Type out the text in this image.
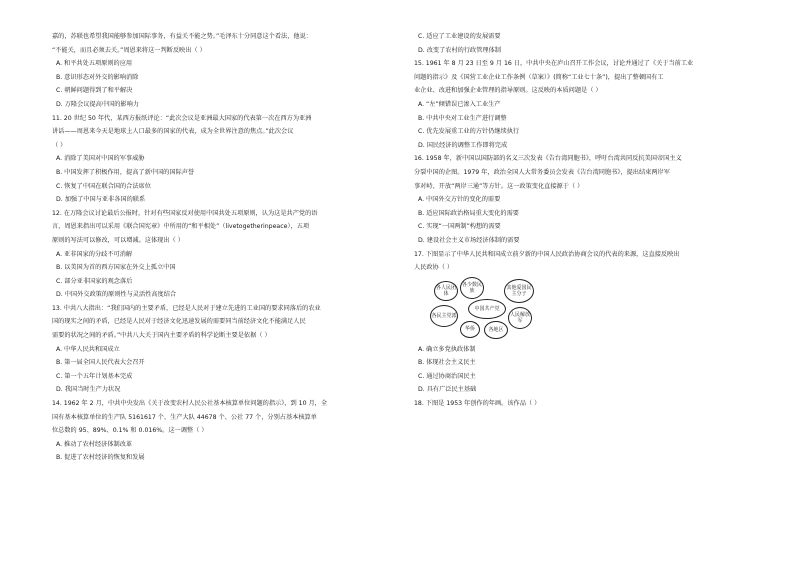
嘉的，苏联也希望我国能够参加国际事务，有益关不能之势。”毛泽东十分同意这个看法，他说：
“不能关，而且必须去关。”周恩来将这一判断反映出（ ）
A. 和平共处五项原则的应用
B. 意识形态对外交的影响消除
C. 朝鲜问题得到了和平解决
D. 万隆会议提高中国的影响力
11. 20 世纪 50 年代，某西方报纸评论：“此次会议是亚洲最大国家的代表第一次在西方为亚洲
讲话——周恩来今天是地球上人口最多的国家的代表，成为全世界注意的焦点。”此次会议
（ ）
A. 消除了美国对中国的军事威胁
B. 中国发挥了积极作用，提高了新中国的国际声誉
C. 恢复了中国在联合国的合法席位
D. 加强了中国与亚非各国的联系
12. 在万隆会议讨论最后公报时，针对有些国家反对使用中国共处五项原则，认为这是共产党的语
言，周恩来指出可以采用《联合国宪章》中所用的“和平相处”（livetogetherinpeace），五项
原则的写法可以修改，可以增减。这体现出（ ）
A. 亚非国家的分歧不可消解
B. 以美国为首的西方国家在外交上孤立中国
C. 部分亚非国家的观念落后
D. 中国外交政策的原则性与灵活性高度结合
13. 中共八大指出：“我们国内的主要矛盾，已经是人民对于建立先进的工业国的要求同落后的农业
国的现实之间的矛盾，已经是人民对于经济文化迅速发展的需要同当前经济文化不能满足人民
需要的状况之间的矛盾。”中共八大关于国内主要矛盾的科学论断主要是依据（ ）
A. 中华人民共和国成立
B. 第一届全国人民代表大会召开
C. 第一个五年计划基本完成
D. 我国当时生产力状况
14. 1962 年 2 月，中共中央发出《关于改变农村人民公社基本核算单位问题的指示》，到 10 月，全
国有基本核算单位的生产队 5161617 个、生产大队 44678 个、公社 77 个，分别占基本核算单
位总数的 95、89%、0.1% 和 0.016%。这一调整（ ）
A. 推动了农村经济体制改革
B. 促进了农村经济的恢复和发展
C. 适应了工业建设的发展需要
D. 改变了农村的行政管理体制
15. 1961 年 8 月 23 日至 9 月 16 日，中共中央在庐山召开工作会议，讨论并通过了《关于当前工业
问题的指示》及《国营工业企业工作条例（草案）》(简称“工业七十条”)，提出了整顿国有工
业企业、改进和加强企业管理的指导原则。这反映的本质问题是（ ）
A. “左”倾错误已渗入工业生产
B. 中共中央对工业生产进行调整
C. 优先发展重工业的方针仍继续执行
D. 国民经济的调整工作即将完成
16. 1958 年，新中国以国防部的名义三次发表《告台湾同胞书》，呼吁台湾共同反抗美国帝国主义
分裂中国的企图。1979 年，政治全国人大常务委员会发表《告台湾同胞书》，提出结束两岸军
事对峙、开放“两岸三通”等方针。这一政策变化直接源于（ ）
A. 中国外交方针的变化的需要
B. 适应国际政治格局重大变化的需要
C. 实现“一国两制”构想的需要
D. 建设社会主义市场经济体制的需要
17. 下图显示了中华人民共和国成立前夕新的中国人民政治协商会议的代表的来源，这直接反映出
人民政协（ ）
各人民团体
各少数民族	其他爱国民主分子
中国共产党
人民解放军
各地区
华侨
各民主党派
A. 确立多党执政体制
B. 体现社会主义民主
C. 通过协商治国民主
D. 具有广泛民主基础
18. 下图是 1953 年创作的年画。该作品（ ）
